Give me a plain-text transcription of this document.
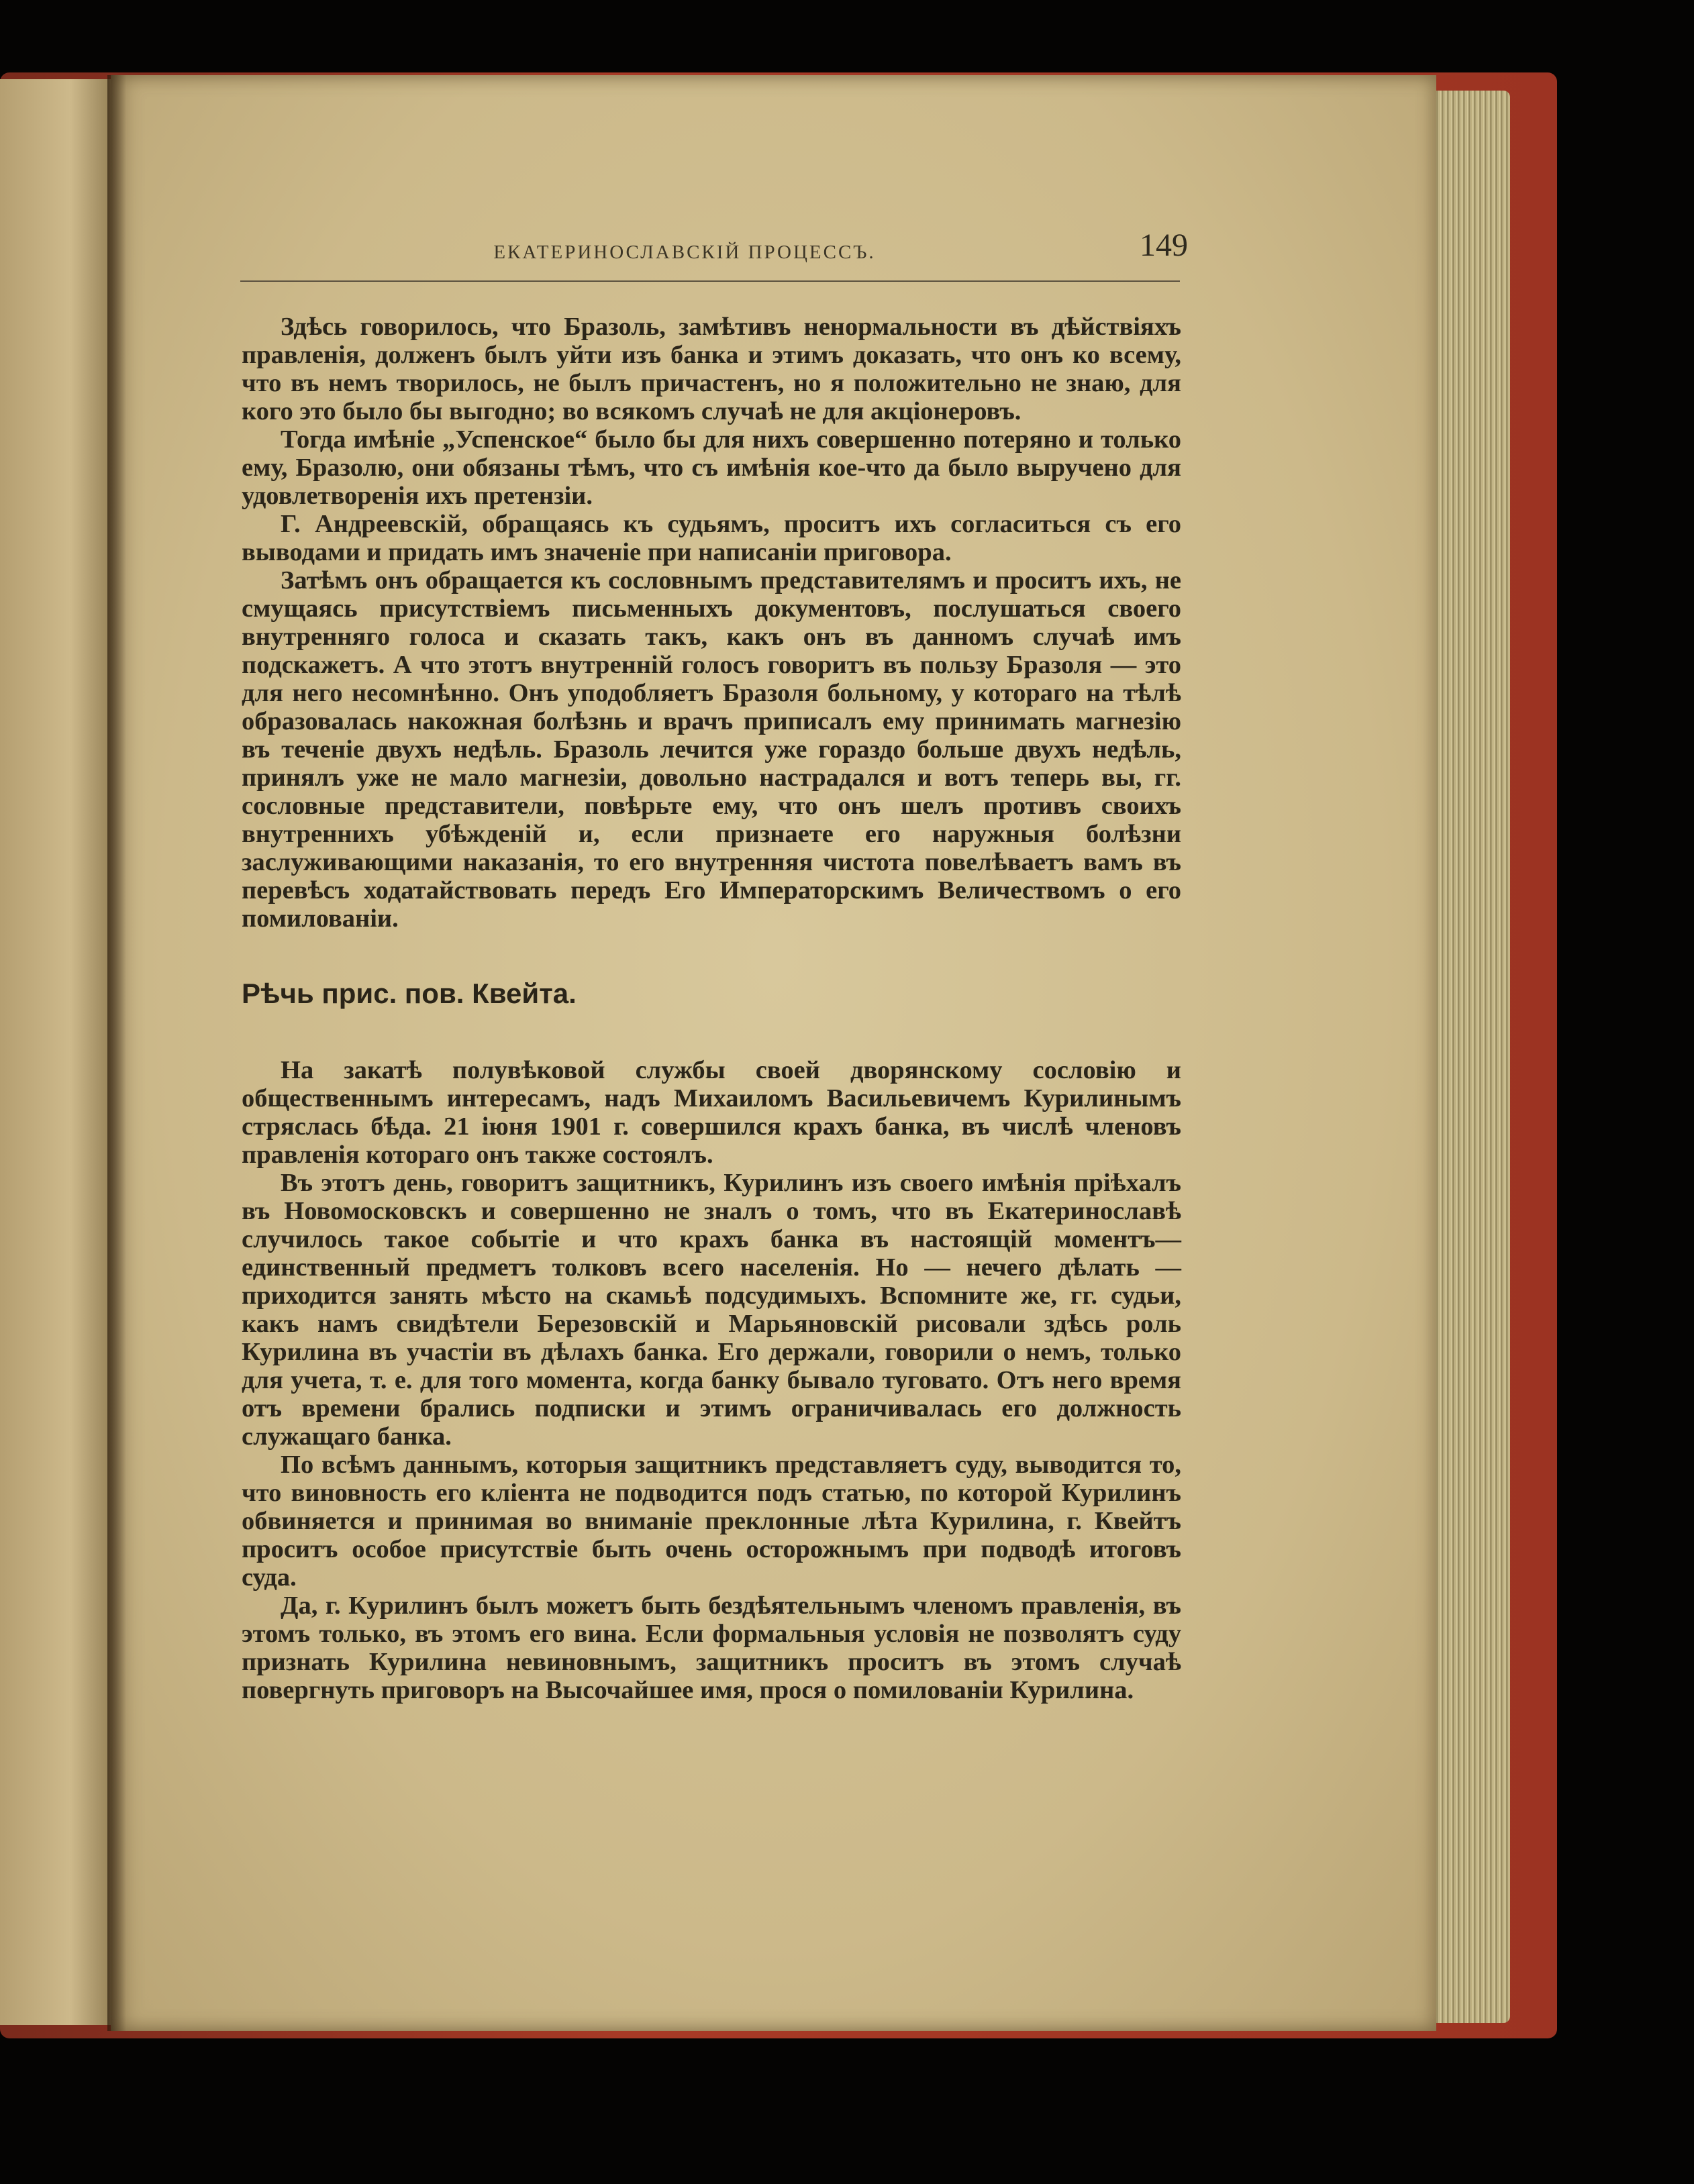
ЕКАТЕРИНОСЛАВСКІЙ ПРОЦЕССЪ.	149

Здѣсь говорилось, что Бразоль, замѣтивъ ненормальности въ дѣйствіяхъ правленія, долженъ былъ уйти изъ банка и этимъ доказать, что онъ ко всему, что въ немъ творилось, не былъ причастенъ, но я положительно не знаю, для кого это было бы выгодно; во всякомъ случаѣ не для акціонеровъ.

Тогда имѣніе „Успенское“ было бы для нихъ совершенно потеряно и только ему, Бразолю, они обязаны тѣмъ, что съ имѣнія кое-что да было выручено для удовлетворенія ихъ претензіи.

Г. Андреевскій, обращаясь къ судьямъ, проситъ ихъ согласиться съ его выводами и придать имъ значеніе при написаніи приговора.

Затѣмъ онъ обращается къ сословнымъ представителямъ и проситъ ихъ, не смущаясь присутствіемъ письменныхъ документовъ, послушаться своего внутренняго голоса и сказать такъ, какъ онъ въ данномъ случаѣ имъ подскажетъ. А что этотъ внутренній голосъ говоритъ въ пользу Бразоля — это для него несомнѣнно. Онъ уподобляетъ Бразоля больному, у котораго на тѣлѣ образовалась накожная болѣзнь и врачъ приписалъ ему принимать магнезію въ теченіе двухъ недѣль. Бразоль лечится уже гораздо больше двухъ недѣль, принялъ уже не мало магнезіи, довольно настрадался и вотъ теперь вы, гг. сословные представители, повѣрьте ему, что онъ шелъ противъ своихъ внутреннихъ убѣжденій и, если признаете его наружныя болѣзни заслуживающими наказанія, то его внутренняя чистота повелѣваетъ вамъ въ перевѣсъ ходатайствовать передъ Его Императорскимъ Величествомъ о его помилованіи.

Рѣчь прис. пов. Квейта.

На закатѣ полувѣковой службы своей дворянскому сословію и общественнымъ интересамъ, надъ Михаиломъ Васильевичемъ Курилинымъ стряслась бѣда. 21 іюня 1901 г. совершился крахъ банка, въ числѣ членовъ правленія котораго онъ также состоялъ.

Въ этотъ день, говоритъ защитникъ, Курилинъ изъ своего имѣнія пріѣхалъ въ Новомосковскъ и совершенно не зналъ о томъ, что въ Екатеринославѣ случилось такое событіе и что крахъ банка въ настоящій моментъ—единственный предметъ толковъ всего населенія. Но — нечего дѣлать — приходится занять мѣсто на скамьѣ подсудимыхъ. Вспомните же, гг. судьи, какъ намъ свидѣтели Березовскій и Марьяновскій рисовали здѣсь роль Курилина въ участіи въ дѣлахъ банка. Его держали, говорили о немъ, только для учета, т. е. для того момента, когда банку бывало туговато. Отъ него время отъ времени брались подписки и этимъ ограничивалась его должность служащаго банка.

По всѣмъ даннымъ, которыя защитникъ представляетъ суду, выводится то, что виновность его кліента не подводится подъ статью, по которой Курилинъ обвиняется и принимая во вниманіе преклонные лѣта Курилина, г. Квейтъ проситъ особое присутствіе быть очень осторожнымъ при подводѣ итоговъ суда.

Да, г. Курилинъ былъ можетъ быть бездѣятельнымъ членомъ правленія, въ этомъ только, въ этомъ его вина. Если формальныя условія не позволятъ суду признать Курилина невиновнымъ, защитникъ проситъ въ этомъ случаѣ повергнуть приговоръ на Высочайшее имя, прося о помилованіи Курилина.
